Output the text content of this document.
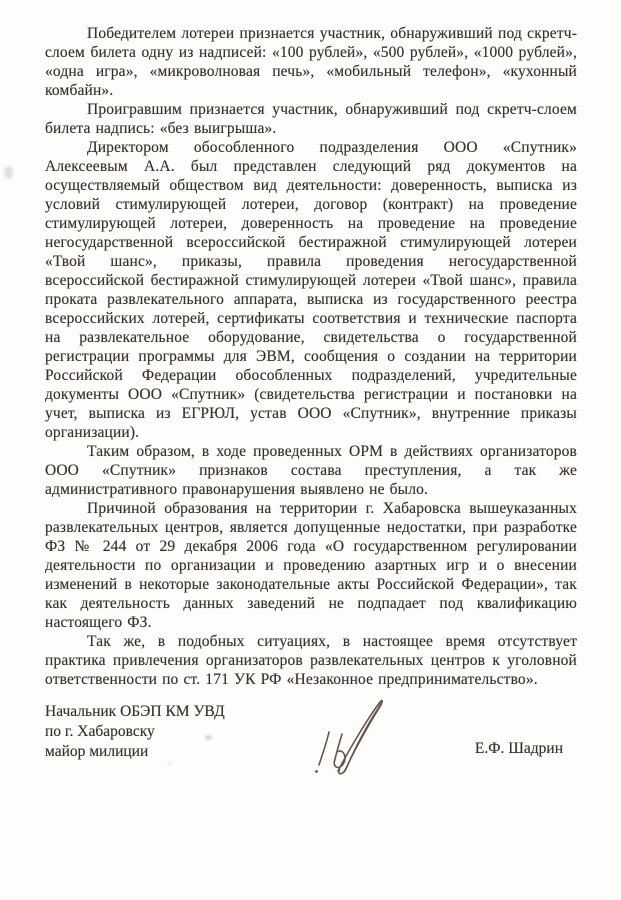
Победителем лотереи признается участник, обнаруживший под скретч-слоем билета одну из надписей: «100 рублей», «500 рублей», «1000 рублей», «одна игра», «микроволновая печь», «мобильный телефон», «кухонный комбайн».

Проигравшим признается участник, обнаруживший под скретч-слоем билета надпись: «без выигрыша».

Директором обособленного подразделения ООО «Спутник» Алексеевым А.А. был представлен следующий ряд документов на осуществляемый обществом вид деятельности: доверенность, выписка из условий стимулирующей лотереи, договор (контракт) на проведение стимулирующей лотереи, доверенность на проведение на проведение негосударственной всероссийской бестиражной стимулирующей лотереи «Твой шанс», приказы, правила проведения негосударственной всероссийской бестиражной стимулирующей лотереи «Твой шанс», правила проката развлекательного аппарата, выписка из государственного реестра всероссийских лотерей, сертификаты соответствия и технические паспорта на развлекательное оборудование, свидетельства о государственной регистрации программы для ЭВМ, сообщения о создании на территории Российской Федерации обособленных подразделений, учредительные документы ООО «Спутник» (свидетельства регистрации и постановки на учет, выписка из ЕГРЮЛ, устав ООО «Спутник», внутренние приказы организации).

Таким образом, в ходе проведенных ОРМ в действиях организаторов ООО «Спутник» признаков состава преступления, а так же административного правонарушения выявлено не было.

Причиной образования на территории г. Хабаровска вышеуказанных развлекательных центров, является допущенные недостатки, при разработке ФЗ № 244 от 29 декабря 2006 года «О государственном регулировании деятельности по организации и проведению азартных игр и о внесении изменений в некоторые законодательные акты Российской Федерации», так как деятельность данных заведений не подпадает под квалификацию настоящего ФЗ.

Так же, в подобных ситуациях, в настоящее время отсутствует практика привлечения организаторов развлекательных центров к уголовной ответственности по ст. 171 УК РФ «Незаконное предпринимательство».

Начальник ОБЭП КМ УВД
по г. Хабаровску
майор милиции	Е.Ф. Шадрин
